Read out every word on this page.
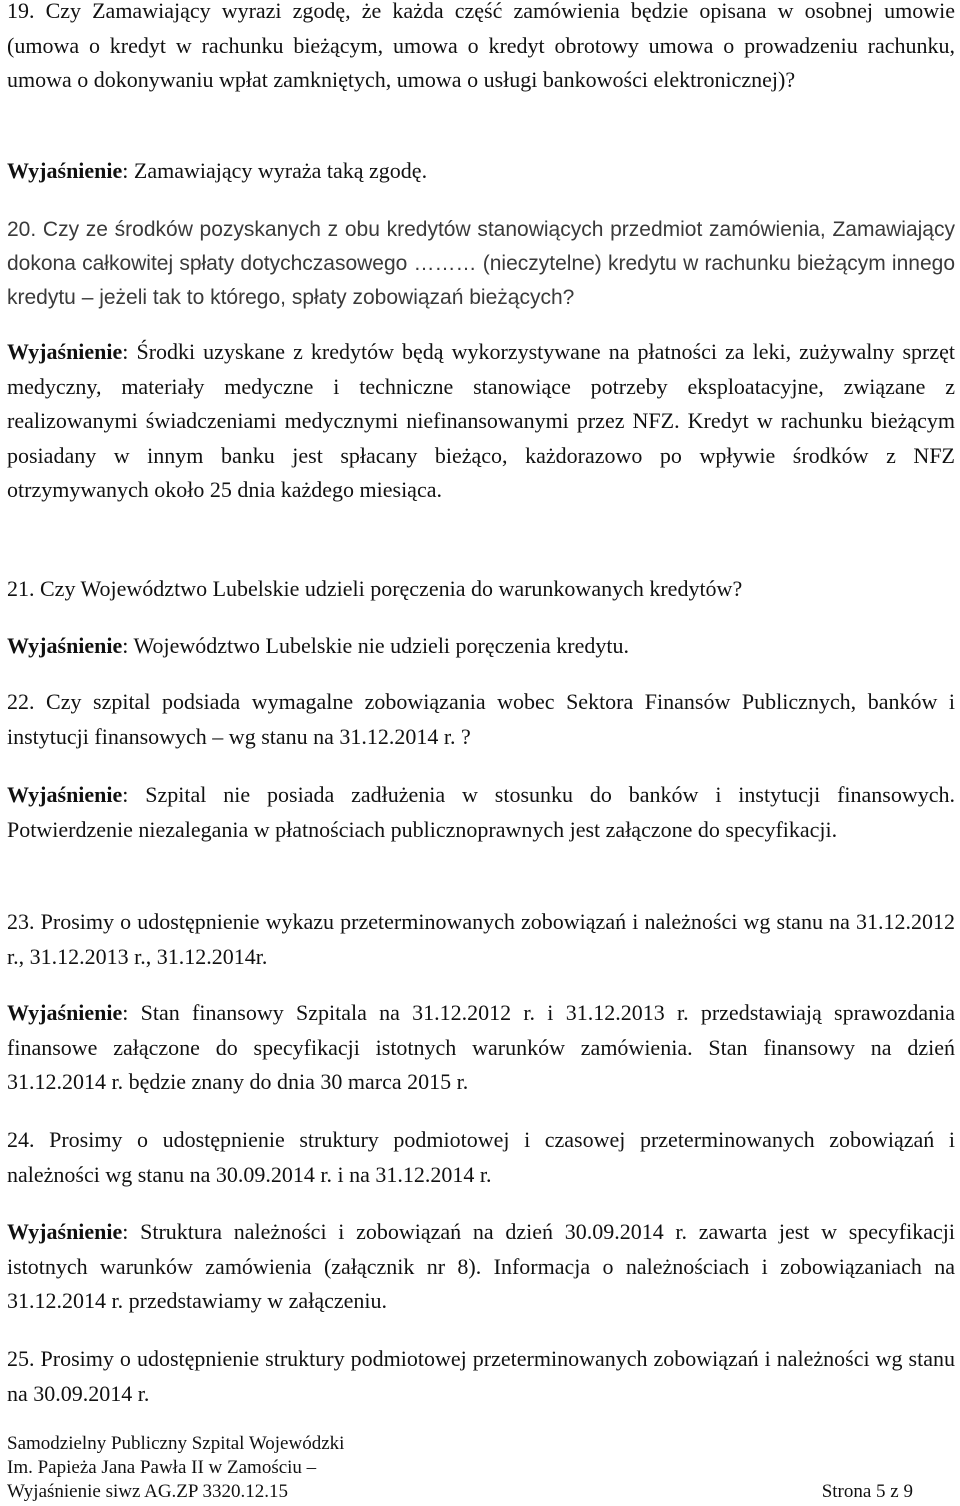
19. Czy Zamawiający wyrazi zgodę, że każda część zamówienia będzie opisana w osobnej umowie (umowa o kredyt w rachunku bieżącym, umowa o kredyt obrotowy umowa o prowadzeniu rachunku, umowa o dokonywaniu wpłat zamkniętych, umowa o usługi bankowości elektronicznej)?

Wyjaśnienie: Zamawiający wyraża taką zgodę.

20. Czy ze środków pozyskanych z obu kredytów stanowiących przedmiot zamówienia, Zamawiający dokona całkowitej spłaty dotychczasowego ……… (nieczytelne) kredytu w rachunku bieżącym innego kredytu – jeżeli tak to którego, spłaty zobowiązań bieżących?

Wyjaśnienie: Środki uzyskane z kredytów będą wykorzystywane na płatności za leki, zużywalny sprzęt medyczny, materiały medyczne i techniczne stanowiące potrzeby eksploatacyjne, związane z realizowanymi świadczeniami medycznymi niefinansowanymi przez NFZ. Kredyt w rachunku bieżącym posiadany w innym banku jest spłacany bieżąco, każdorazowo po wpływie środków z NFZ otrzymywanych około 25 dnia każdego miesiąca.

21. Czy Województwo Lubelskie udzieli poręczenia do warunkowanych kredytów?

Wyjaśnienie: Województwo Lubelskie nie udzieli poręczenia kredytu.

22. Czy szpital podsiada wymagalne zobowiązania wobec Sektora Finansów Publicznych, banków i instytucji finansowych – wg stanu na 31.12.2014 r. ?

Wyjaśnienie: Szpital nie posiada zadłużenia w stosunku do banków i instytucji finansowych. Potwierdzenie niezalegania w płatnościach publicznoprawnych jest załączone do specyfikacji.

23. Prosimy o udostępnienie wykazu przeterminowanych zobowiązań i należności wg stanu na 31.12.2012 r., 31.12.2013 r., 31.12.2014r.

Wyjaśnienie: Stan finansowy Szpitala na 31.12.2012 r. i 31.12.2013 r. przedstawiają sprawozdania finansowe załączone do specyfikacji istotnych warunków zamówienia. Stan finansowy na dzień 31.12.2014 r. będzie znany do dnia 30 marca 2015 r.

24. Prosimy o udostępnienie struktury podmiotowej i czasowej przeterminowanych zobowiązań i należności wg stanu na 30.09.2014 r. i na 31.12.2014 r.

Wyjaśnienie: Struktura należności i zobowiązań na dzień 30.09.2014 r. zawarta jest w specyfikacji istotnych warunków zamówienia (załącznik nr 8). Informacja o należnościach i zobowiązaniach na 31.12.2014 r. przedstawiamy w załączeniu.

25. Prosimy o udostępnienie struktury podmiotowej przeterminowanych zobowiązań i należności wg stanu na 30.09.2014 r.

Samodzielny Publiczny Szpital Wojewódzki
Im. Papieża Jana Pawła II w Zamościu –
Wyjaśnienie siwz AG.ZP 3320.12.15	Strona 5 z 9
